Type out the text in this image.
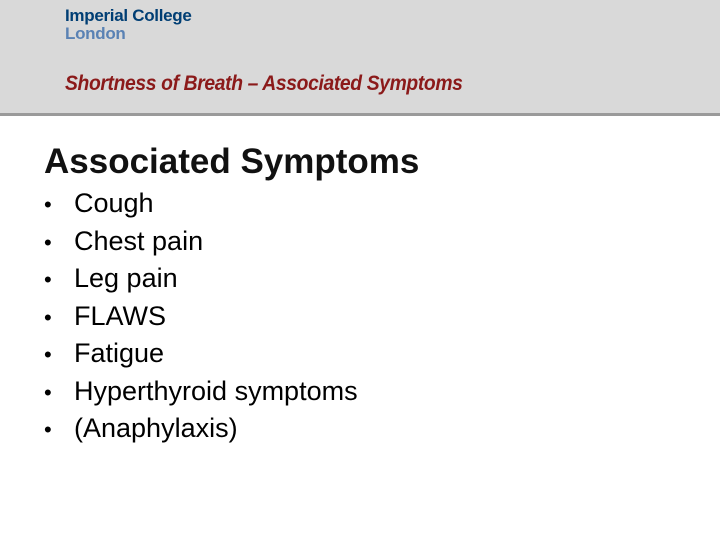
Imperial College
London
Shortness of Breath – Associated Symptoms
Associated Symptoms
• Cough
• Chest pain
• Leg pain
• FLAWS
• Fatigue
• Hyperthyroid symptoms
• (Anaphylaxis)
